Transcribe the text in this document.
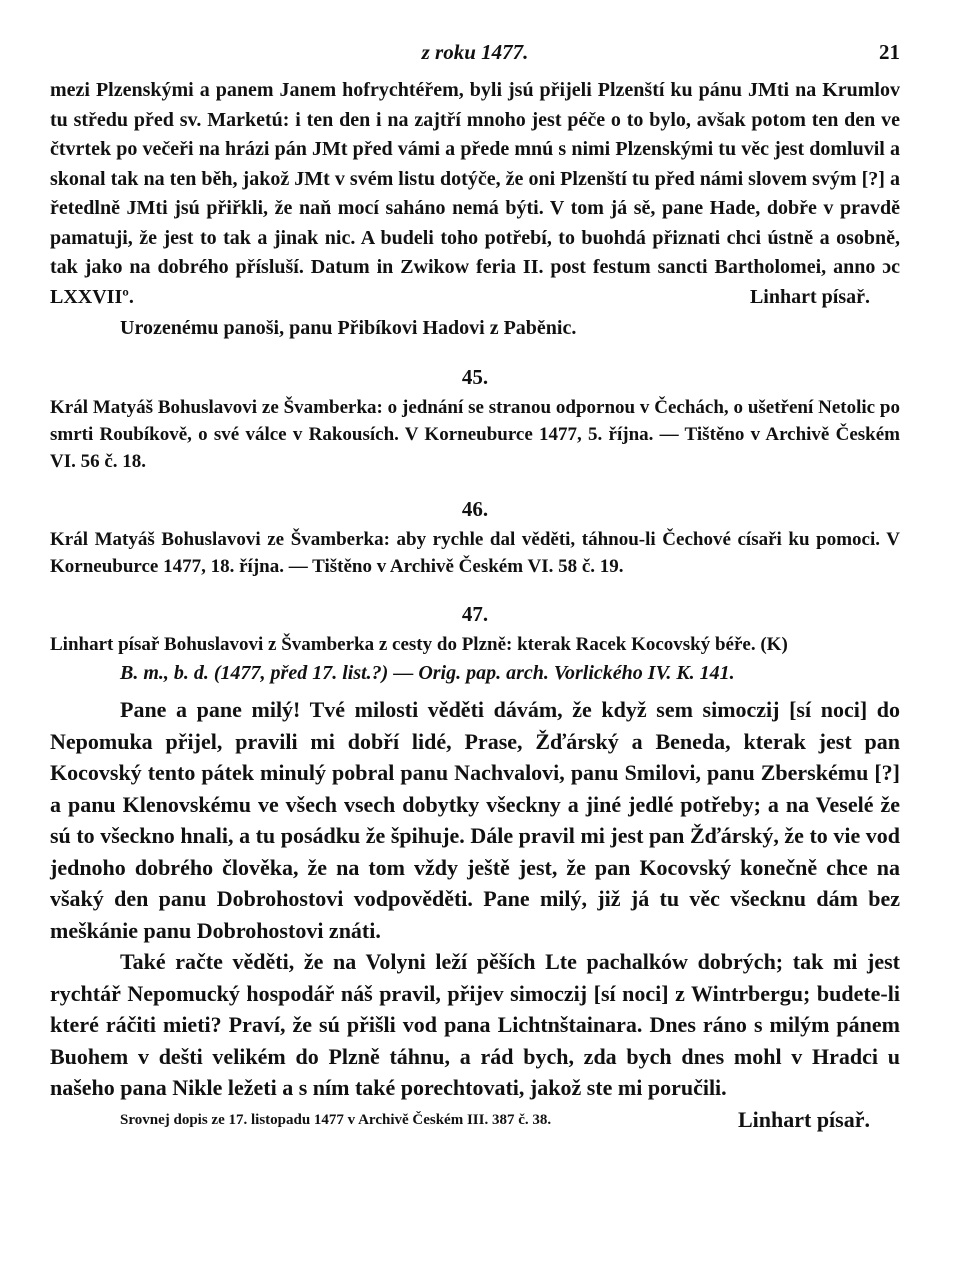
z roku 1477.	21

mezi Plzenskými a panem Janem hofrychtéřem, byli jsú přijeli Plzenští ku pánu JMti na Krumlov tu středu před sv. Marketú: i ten den i na zajtří mnoho jest péče o to bylo, avšak potom ten den ve čtvrtek po večeři na hrázi pán JMt před vámi a přede mnú s nimi Plzenskými tu věc jest domluvil a skonal tak na ten běh, jakož JMt v svém listu dotýče, že oni Plzenští tu před námi slovem svým [?] a řetedlně JMti jsú přiřkli, že naň mocí saháno nemá býti. V tom já sě, pane Hade, dobře v pravdě pamatuji, že jest to tak a jinak nic. A budeli toho potřebí, to buohdá přiznati chci ústně a osobně, tak jako na dobrého přísluší. Datum in Zwikow feria II. post festum sancti Bartholomei, anno ɔc LXXVIIº.	Linhart písař.

Urozenému panoši, panu Přibíkovi Hadovi z Paběnic.
45.

Král Matyáš Bohuslavovi ze Švamberka: o jednání se stranou odpornou v Čechách, o ušetření Netolic po smrti Roubíkově, o své válce v Rakousích. V Korneuburce 1477, 5. října. — Tištěno v Archivě Českém VI. 56 č. 18.

46.

Král Matyáš Bohuslavovi ze Švamberka: aby rychle dal věděti, táhnou-li Čechové císaři ku pomoci. V Korneuburce 1477, 18. října. — Tištěno v Archivě Českém VI. 58 č. 19.

47.

Linhart písař Bohuslavovi z Švamberka z cesty do Plzně: kterak Racek Kocovský béře. (K)

B. m., b. d. (1477, před 17. list.?) — Orig. pap. arch. Vorlického IV. K. 141.

Pane a pane milý! Tvé milosti věděti dávám, že když sem simoczij [sí noci] do Nepomuka přijel, pravili mi dobří lidé, Prase, Žďárský a Beneda, kterak jest pan Kocovský tento pátek minulý pobral panu Nachvalovi, panu Smilovi, panu Zberskému [?] a panu Klenovskému ve všech vsech dobytky všeckny a jiné jedlé potřeby; a na Veselé že sú to všeckno hnali, a tu posádku že špihuje. Dále pravil mi jest pan Žďárský, že to vie vod jednoho dobrého člověka, že na tom vždy ještě jest, že pan Kocovský konečně chce na všaký den panu Dobrohostovi vodpověděti. Pane milý, již já tu věc všecknu dám bez meškánie panu Dobrohostovi znáti.

Také račte věděti, že na Volyni leží pěších Lte pachalków dobrých; tak mi jest rychtář Nepomucký hospodář náš pravil, přijev simoczij [sí noci] z Wintrbergu; budete-li které ráčiti mieti? Praví, že sú přišli vod pana Lichtnštainara. Dnes ráno s milým pánem Buohem v dešti velikém do Plzně táhnu, a rád bych, zda bych dnes mohl v Hradci u našeho pana Nikle ležeti a s ním také porechtovati, jakož ste mi poručili.
Linhart písař.

Srovnej dopis ze 17. listopadu 1477 v Archivě Českém III. 387 č. 38.
